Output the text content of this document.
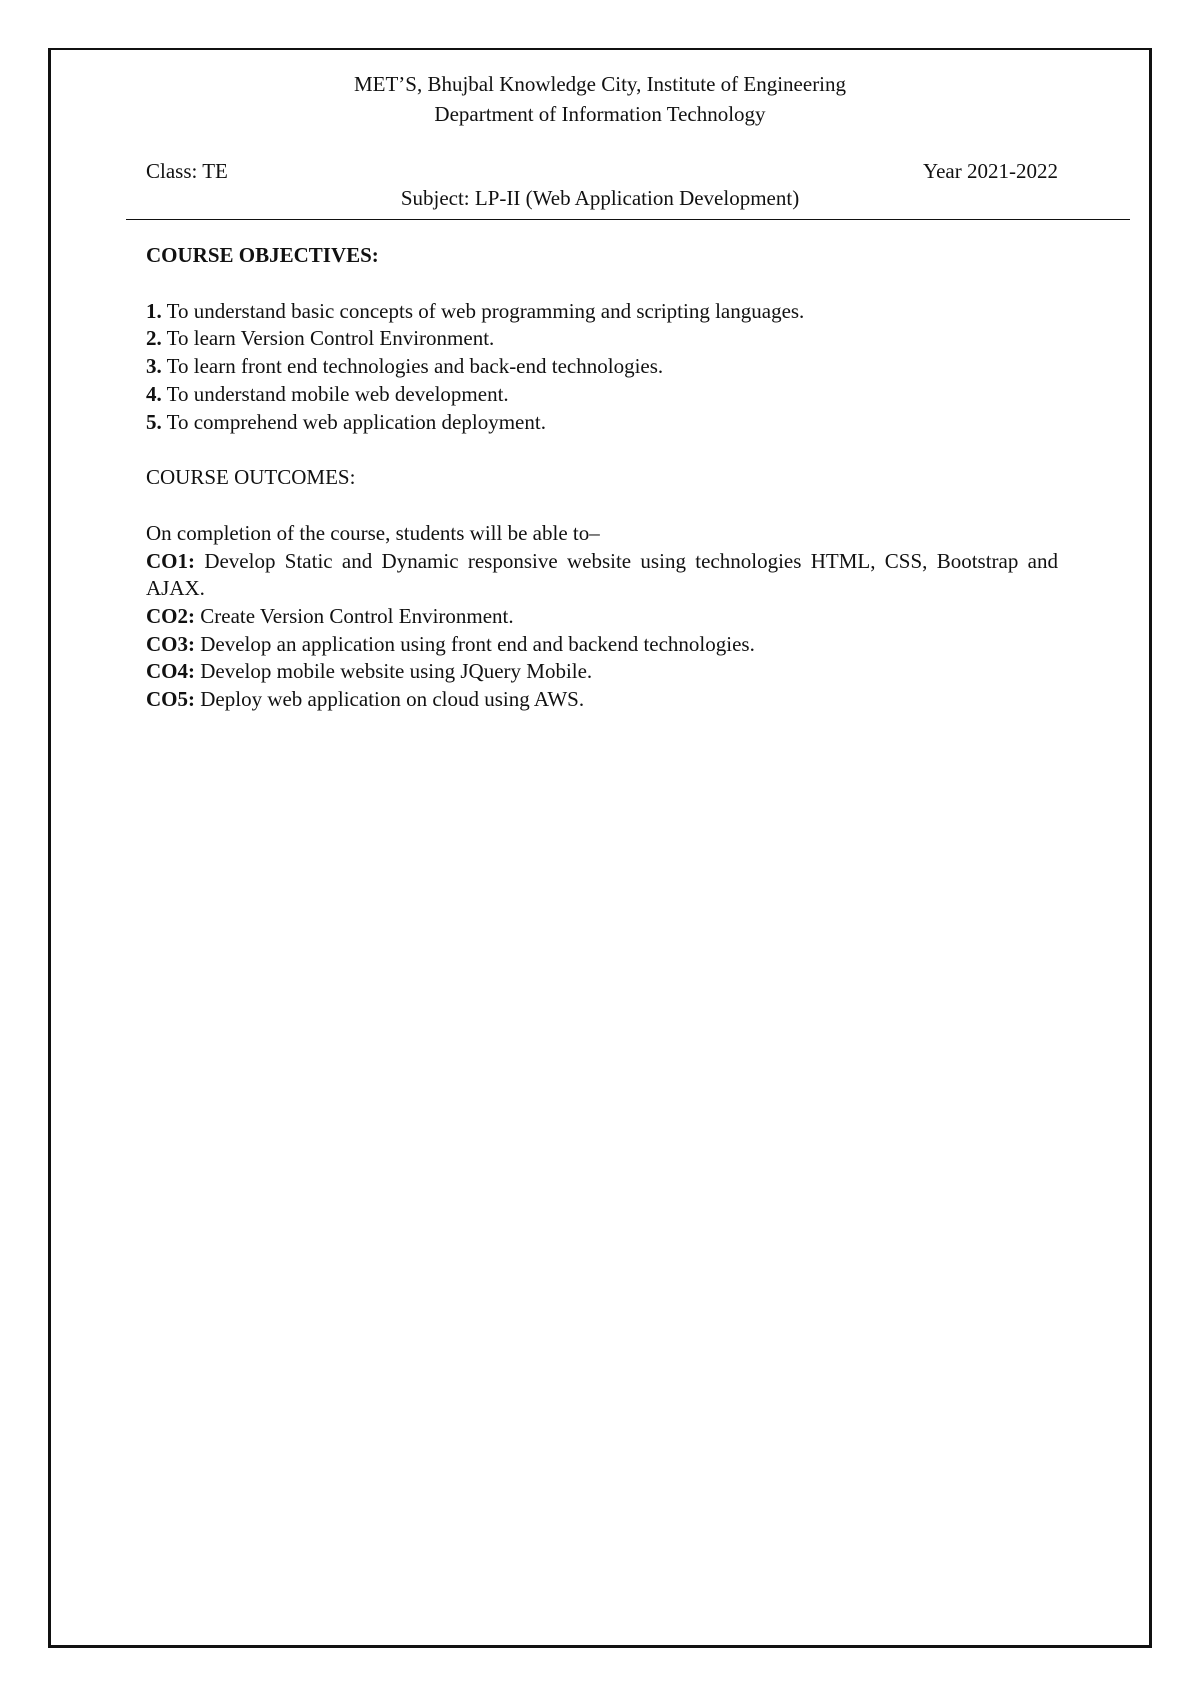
MET’S, Bhujbal Knowledge City, Institute of Engineering
Department of Information Technology
Class: TE	Year 2021-2022
Subject: LP-II (Web Application Development)

COURSE OBJECTIVES:

1. To understand basic concepts of web programming and scripting languages.

2. To learn Version Control Environment.

3. To learn front end technologies and back-end technologies.

4. To understand mobile web development.

5. To comprehend web application deployment.

COURSE OUTCOMES:

On completion of the course, students will be able to–

CO1: Develop Static and Dynamic responsive website using technologies HTML, CSS, Bootstrap and AJAX.

CO2: Create Version Control Environment.

CO3: Develop an application using front end and backend technologies.

CO4: Develop mobile website using JQuery Mobile.

CO5: Deploy web application on cloud using AWS.
